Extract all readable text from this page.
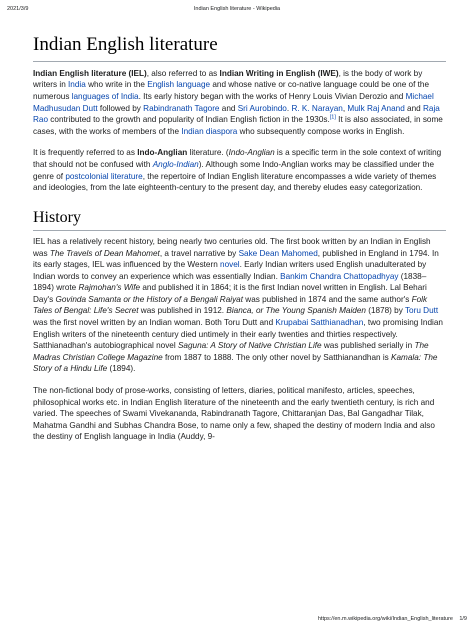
2021/3/9	Indian English literature - Wikipedia
Indian English literature

Indian English literature (IEL), also referred to as Indian Writing in English (IWE), is the body of work by writers in India who write in the English language and whose native or co-native language could be one of the numerous languages of India. Its early history began with the works of Henry Louis Vivian Derozio and Michael Madhusudan Dutt followed by Rabindranath Tagore and Sri Aurobindo. R. K. Narayan, Mulk Raj Anand and Raja Rao contributed to the growth and popularity of Indian English fiction in the 1930s.[1] It is also associated, in some cases, with the works of members of the Indian diaspora who subsequently compose works in English.

It is frequently referred to as Indo-Anglian literature. (Indo-Anglian is a specific term in the sole context of writing that should not be confused with Anglo-Indian). Although some Indo-Anglian works may be classified under the genre of postcolonial literature, the repertoire of Indian English literature encompasses a wide variety of themes and ideologies, from the late eighteenth-century to the present day, and thereby eludes easy categorization.

History

IEL has a relatively recent history, being nearly two centuries old. The first book written by an Indian in English was The Travels of Dean Mahomet, a travel narrative by Sake Dean Mahomed, published in England in 1794. In its early stages, IEL was influenced by the Western novel. Early Indian writers used English unadulterated by Indian words to convey an experience which was essentially Indian. Bankim Chandra Chattopadhyay (1838–1894) wrote Rajmohan's Wife and published it in 1864; it is the first Indian novel written in English. Lal Behari Day's Govinda Samanta or the History of a Bengali Raiyat was published in 1874 and the same author's Folk Tales of Bengal: Life's Secret was published in 1912. Bianca, or The Young Spanish Maiden (1878) by Toru Dutt was the first novel written by an Indian woman. Both Toru Dutt and Krupabai Satthianadhan, two promising Indian English writers of the nineteenth century died untimely in their early twenties and thirties respectively. Satthianadhan's autobiographical novel Saguna: A Story of Native Christian Life was published serially in The Madras Christian College Magazine from 1887 to 1888. The only other novel by Satthianandhan is Kamala: The Story of a Hindu Life (1894).

The non-fictional body of prose-works, consisting of letters, diaries, political manifesto, articles, speeches, philosophical works etc. in Indian English literature of the nineteenth and the early twentieth century, is rich and varied. The speeches of Swami Vivekananda, Rabindranath Tagore, Chittaranjan Das, Bal Gangadhar Tilak, Mahatma Gandhi and Subhas Chandra Bose, to name only a few, shaped the destiny of modern India and also the destiny of English language in India (Auddy, 9-

https://en.m.wikipedia.org/wiki/Indian_English_literature 1/9
